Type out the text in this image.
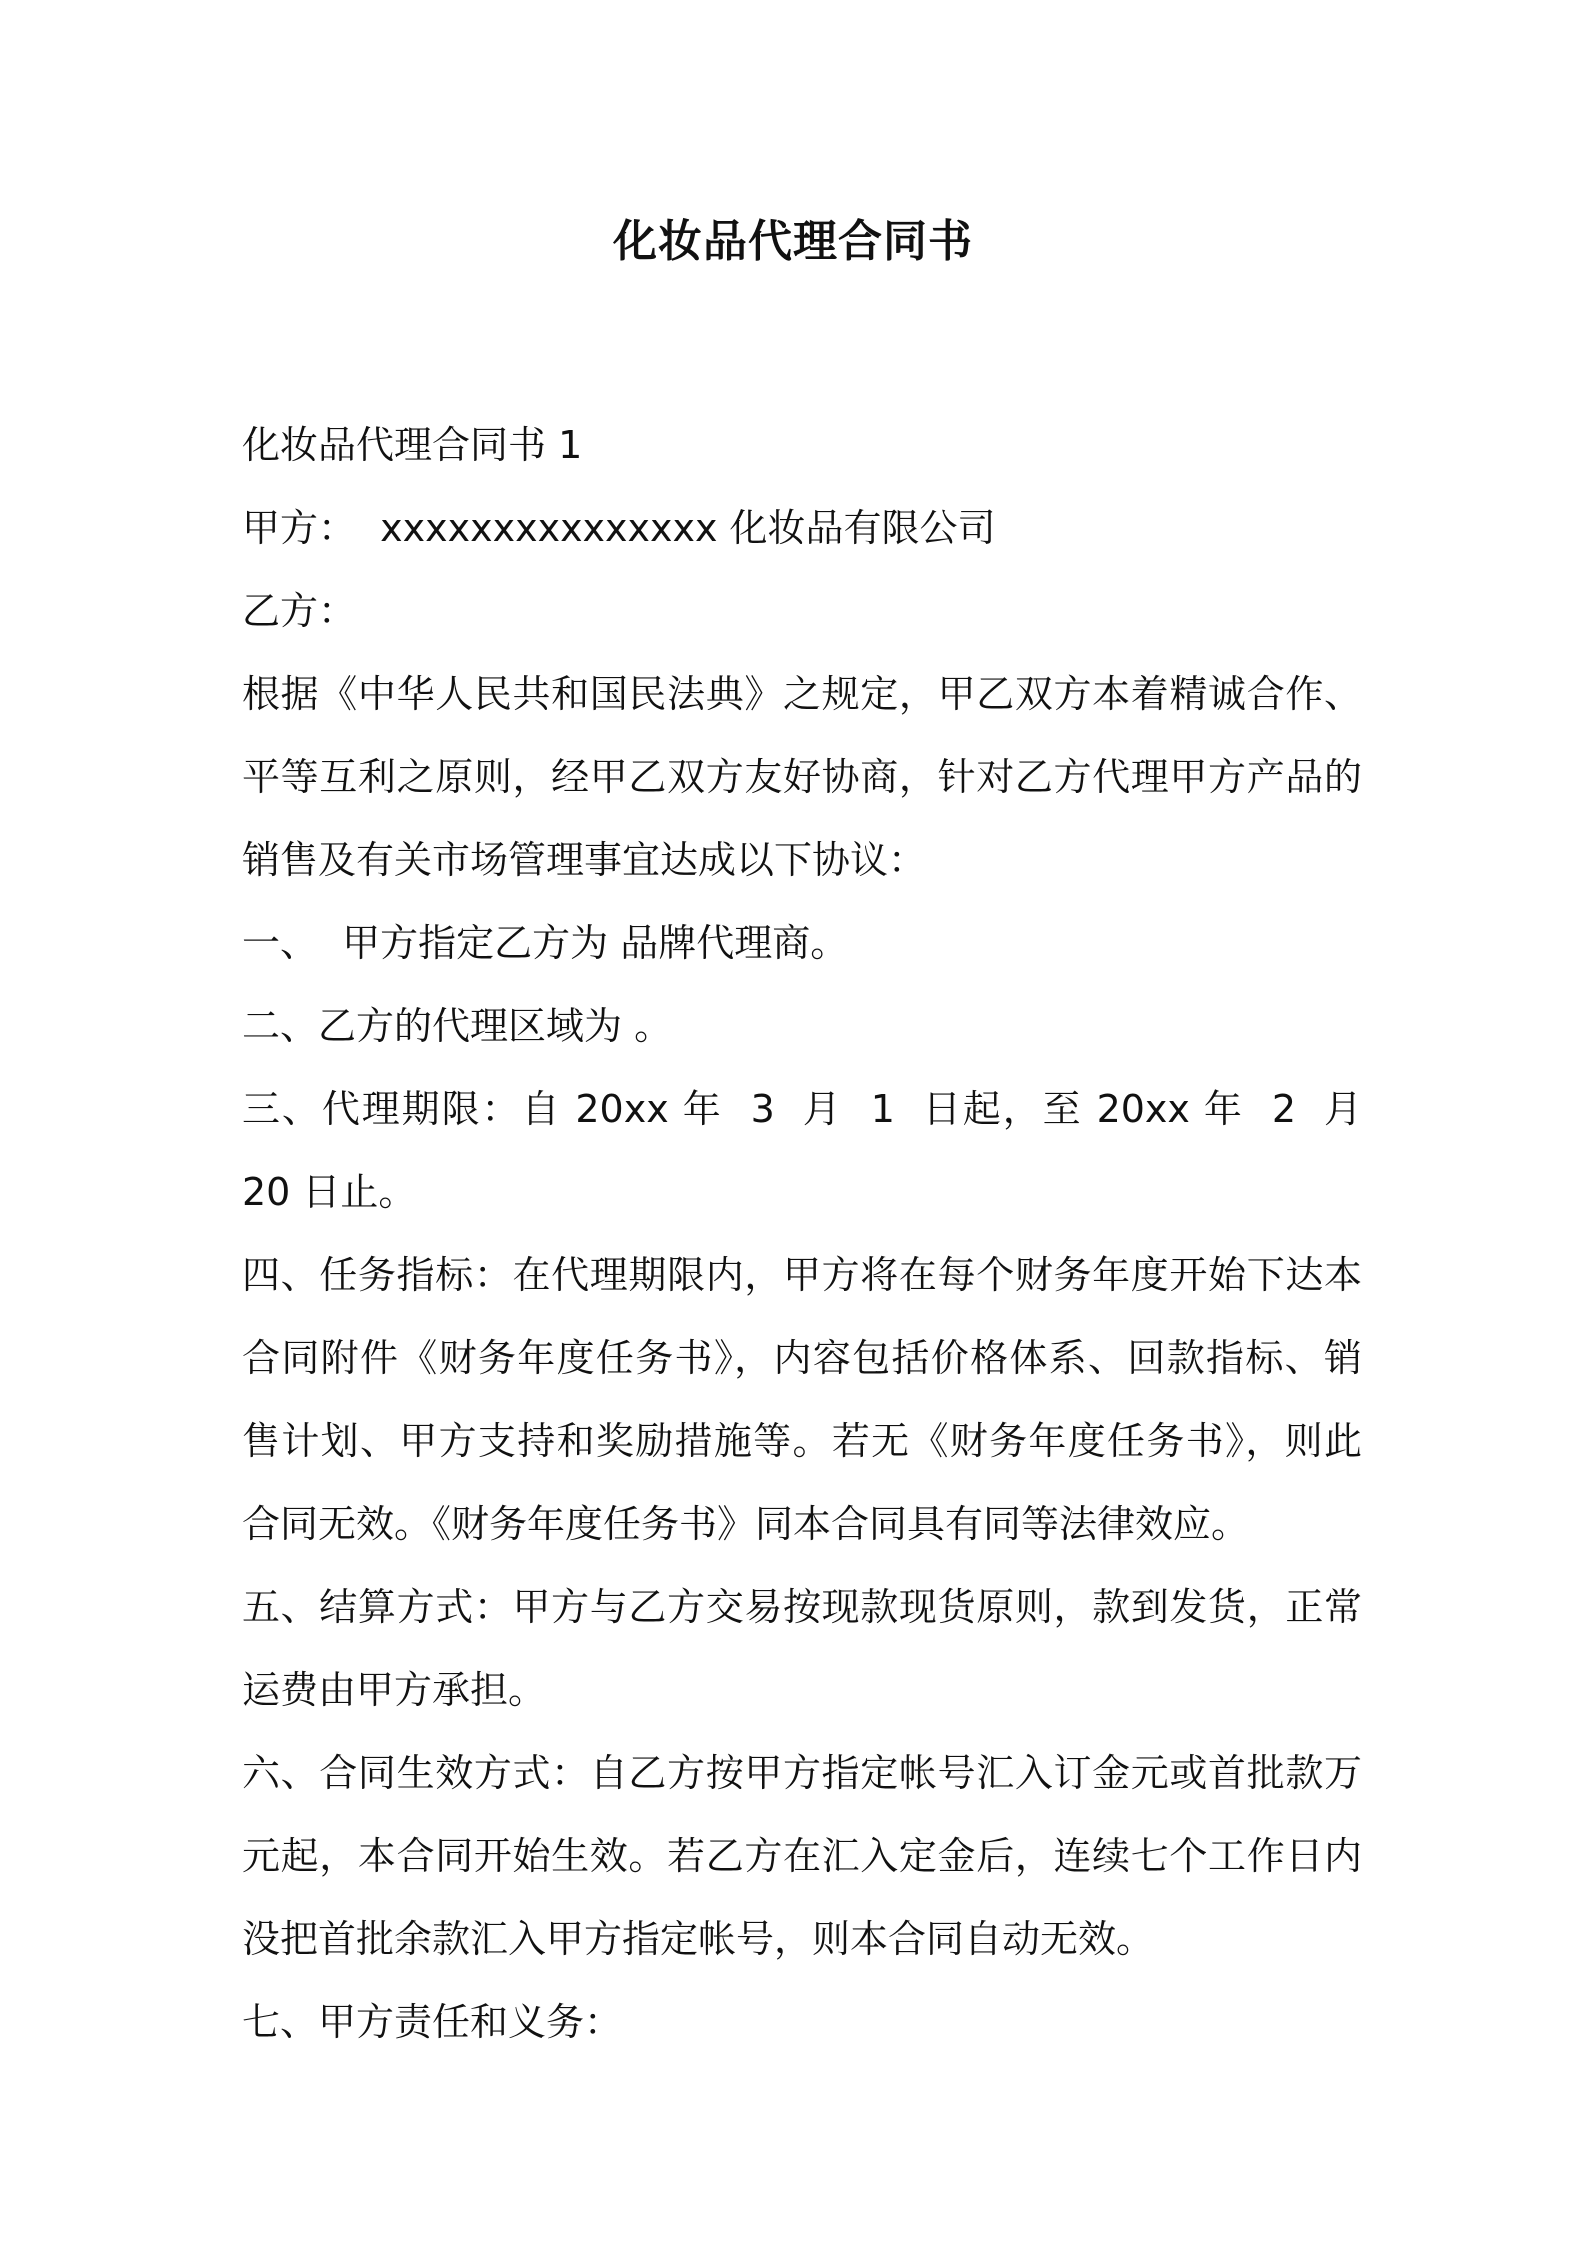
化妆品代理合同书

化妆品代理合同书 1

甲方：  xxxxxxxxxxxxxxx 化妆品有限公司

乙方：

根据《中华人民共和国民法典》之规定，甲乙双方本着精诚合作、平等互利之原则，经甲乙双方友好协商，针对乙方代理甲方产品的销售及有关市场管理事宜达成以下协议：

一、  甲方指定乙方为 品牌代理商。

二、乙方的代理区域为 。

三、代理期限：自 20xx 年  3  月  1  日起，至 20xx 年  2  月  20 日止。

四、任务指标：在代理期限内，甲方将在每个财务年度开始下达本合同附件《财务年度任务书》，内容包括价格体系、回款指标、销售计划、甲方支持和奖励措施等。若无《财务年度任务书》，则此合同无效。《财务年度任务书》同本合同具有同等法律效应。

五、结算方式：甲方与乙方交易按现款现货原则，款到发货，正常运费由甲方承担。

六、合同生效方式：自乙方按甲方指定帐号汇入订金元或首批款万元起，本合同开始生效。若乙方在汇入定金后，连续七个工作日内没把首批余款汇入甲方指定帐号，则本合同自动无效。

七、甲方责任和义务：
